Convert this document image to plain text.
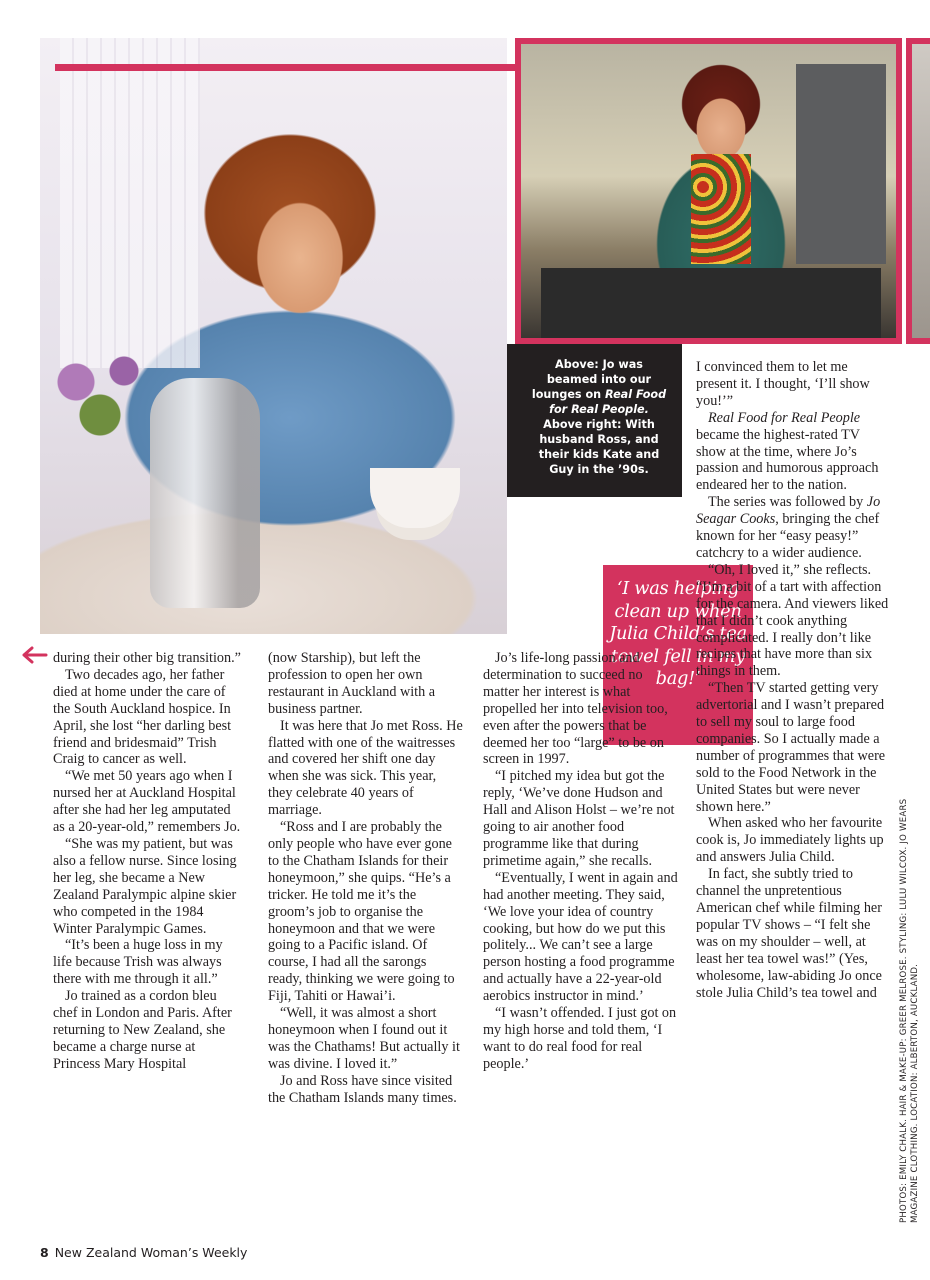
Above: Jo was beamed into our lounges on Real Food for Real People. Above right: With husband Ross, and their kids Kate and Guy in the ’90s.
‘I was helping clean up when Julia Child’s tea towel fell in my bag!’

during their other big transition.”

Two decades ago, her father died at home under the care of the South Auckland hospice. In April, she lost “her darling best friend and bridesmaid” Trish Craig to cancer as well.

“We met 50 years ago when I nursed her at Auckland Hospital after she had her leg amputated as a 20-year-old,” remembers Jo.

“She was my patient, but was also a fellow nurse. Since losing her leg, she became a New Zealand Paralympic alpine skier who competed in the 1984 Winter Paralympic Games.

“It’s been a huge loss in my life because Trish was always there with me through it all.”

Jo trained as a cordon bleu chef in London and Paris. After returning to New Zealand, she became a charge nurse at Princess Mary Hospital

(now Starship), but left the profession to open her own restaurant in Auckland with a business partner.

It was here that Jo met Ross. He flatted with one of the waitresses and covered her shift one day when she was sick. This year, they celebrate 40 years of marriage.

“Ross and I are probably the only people who have ever gone to the Chatham Islands for their honeymoon,” she quips. “He’s a tricker. He told me it’s the groom’s job to organise the honeymoon and that we were going to a Pacific island. Of course, I had all the sarongs ready, thinking we were going to Fiji, Tahiti or Hawai’i.

“Well, it was almost a short honeymoon when I found out it was the Chathams! But actually it was divine. I loved it.”

Jo and Ross have since visited the Chatham Islands many times.

Jo’s life-long passion and determination to succeed no matter her interest is what propelled her into television too, even after the powers that be deemed her too “large” to be on screen in 1997.

“I pitched my idea but got the reply, ‘We’ve done Hudson and Hall and Alison Holst – we’re not going to air another food programme like that during primetime again,” she recalls.

“Eventually, I went in again and had another meeting. They said, ‘We love your idea of country cooking, but how do we put this politely... We can’t see a large person hosting a food programme and actually have a 22-year-old aerobics instructor in mind.’

“I wasn’t offended. I just got on my high horse and told them, ‘I want to do real food for real people.’

I convinced them to let me present it. I thought, ‘I’ll show you!’”

Real Food for Real People became the highest-rated TV show at the time, where Jo’s passion and humorous approach endeared her to the nation.

The series was followed by Jo Seagar Cooks, bringing the chef known for her “easy peasy!” catchcry to a wider audience.

“Oh, I loved it,” she reflects. “I’m a bit of a tart with affection for the camera. And viewers liked that I didn’t cook anything complicated. I really don’t like recipes that have more than six things in them.

“Then TV started getting very advertorial and I wasn’t prepared to sell my soul to large food companies. So I actually made a number of programmes that were sold to the Food Network in the United States but were never shown here.”

When asked who her favourite cook is, Jo immediately lights up and answers Julia Child.

In fact, she subtly tried to channel the unpretentious American chef while filming her popular TV shows – “I felt she was on my shoulder – well, at least her tea towel was!” (Yes, wholesome, law-abiding Jo once stole Julia Child’s tea towel and

8 New Zealand Woman’s Weekly
PHOTOS: EMILY CHALK. HAIR & MAKE-UP: GREER MELROSE. STYLING: LULU WILCOX. JO WEARS MAGAZINE CLOTHING. LOCATION: ALBERTON, AUCKLAND.
